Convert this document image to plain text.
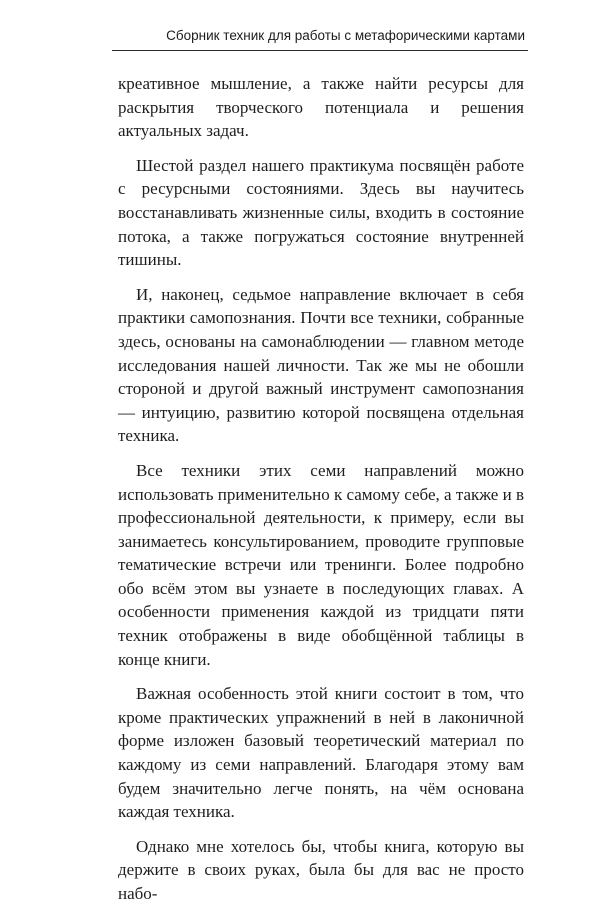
Сборник техник для работы с метафорическими картами

креативное мышление, а также найти ресурсы для раскрытия творческого потенциала и решения актуальных задач.

Шестой раздел нашего практикума посвящён работе с ресурсными состояниями. Здесь вы научитесь восстанавливать жизненные силы, входить в состояние потока, а также погружаться состояние внутренней тишины.

И, наконец, седьмое направление включает в себя практики самопознания. Почти все техники, собранные здесь, основаны на самонаблюдении — главном методе исследования нашей личности. Так же мы не обошли стороной и другой важный инструмент самопознания — интуицию, развитию которой посвящена отдельная техника.

Все техники этих семи направлений можно использовать применительно к самому себе, а также и в профессиональной деятельности, к примеру, если вы занимаетесь консультированием, проводите групповые тематические встречи или тренинги. Более подробно обо всём этом вы узнаете в последующих главах. А особенности применения каждой из тридцати пяти техник отображены в виде обобщённой таблицы в конце книги.

Важная особенность этой книги состоит в том, что кроме практических упражнений в ней в лаконичной форме изложен базовый теоретический материал по каждому из семи направлений. Благодаря этому вам будем значительно легче понять, на чём основана каждая техника.

Однако мне хотелось бы, чтобы книга, которую вы держите в своих руках, была бы для вас не просто набо-
